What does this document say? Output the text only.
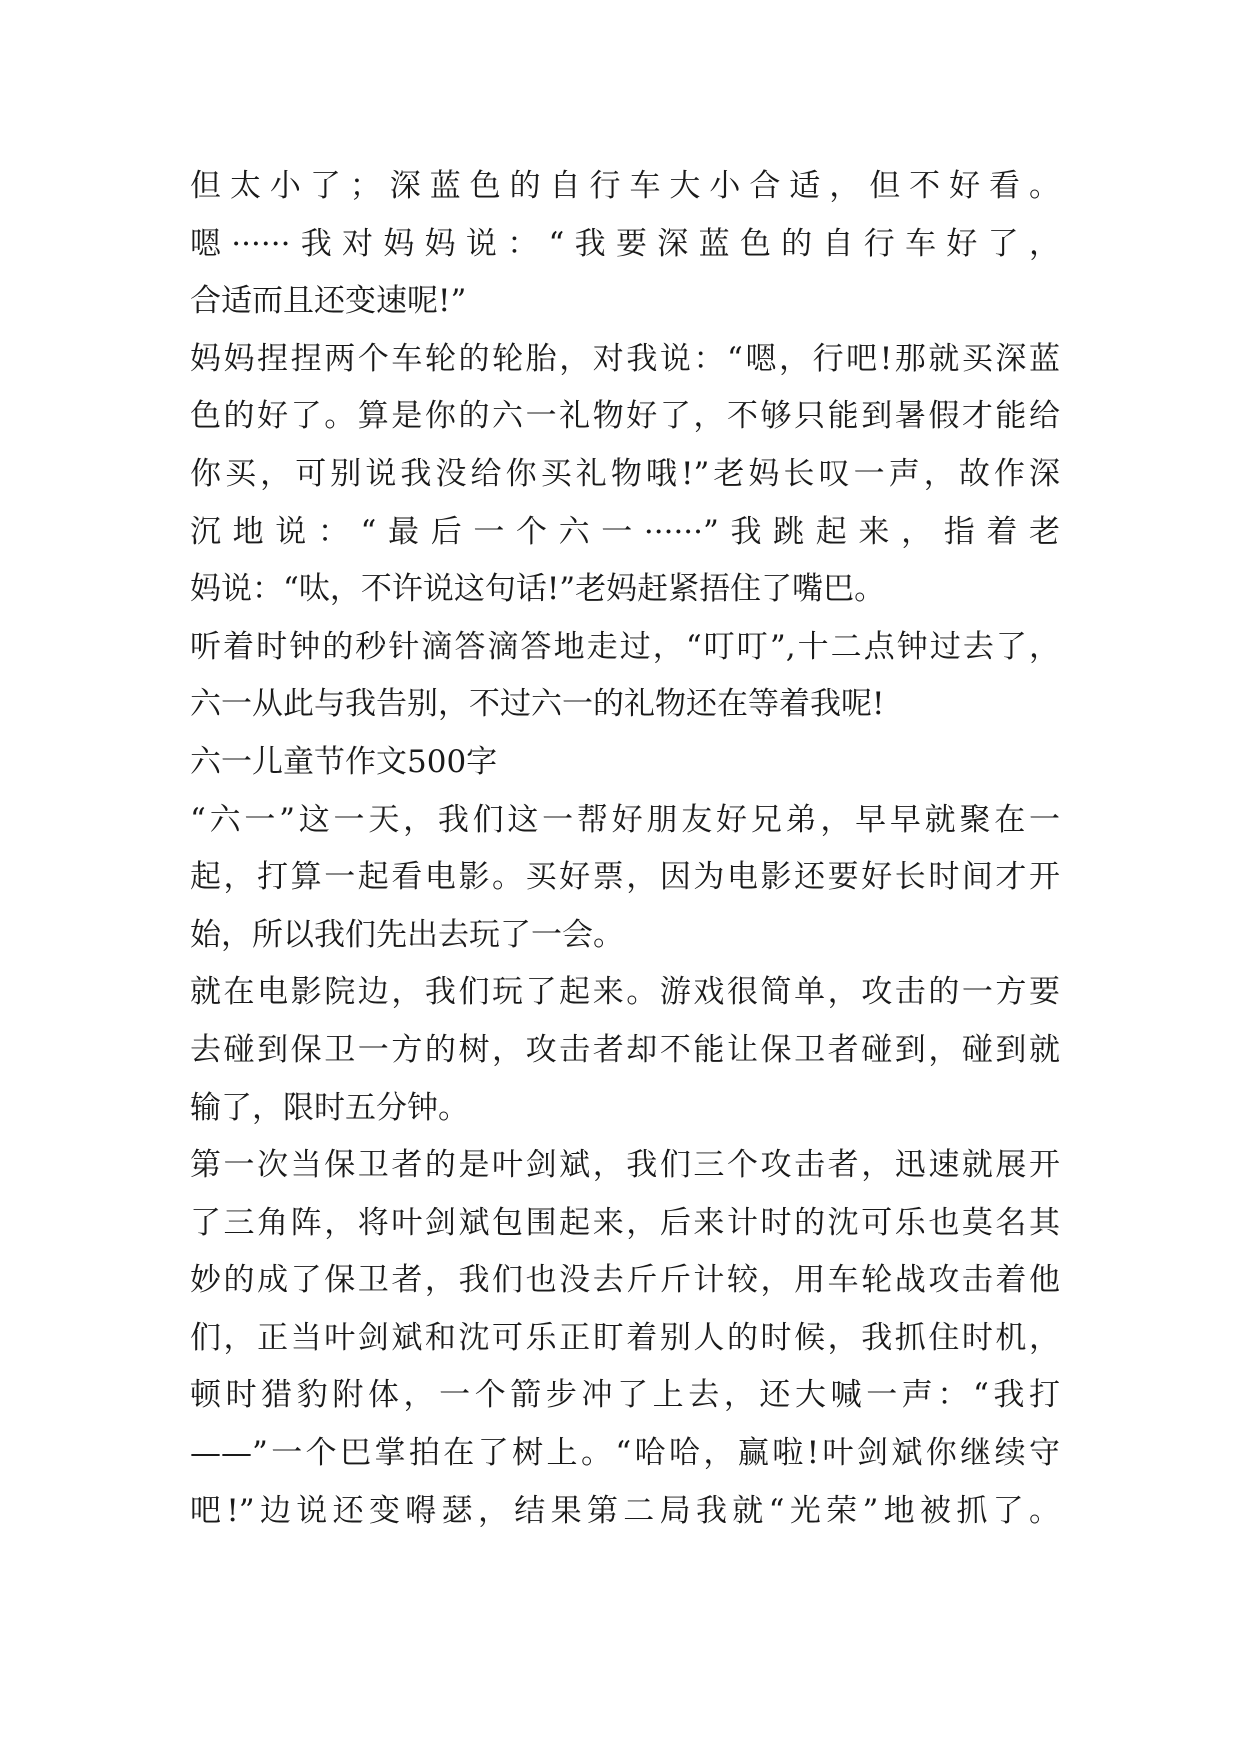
但太小了；深蓝色的自行车大小合适，但不好看。
嗯······我对妈妈说：“我要深蓝色的自行车好了，
合适而且还变速呢!”
妈妈捏捏两个车轮的轮胎，对我说：“嗯，行吧!那就买深蓝
色的好了。算是你的六一礼物好了，不够只能到暑假才能给
你买，可别说我没给你买礼物哦!”老妈长叹一声，故作深
沉地说：“最后一个六一······”我跳起来，指着老
妈说：“呔，不许说这句话!”老妈赶紧捂住了嘴巴。
听着时钟的秒针滴答滴答地走过，“叮叮”,十二点钟过去了，
六一从此与我告别，不过六一的礼物还在等着我呢!
六一儿童节作文500字
“六一”这一天，我们这一帮好朋友好兄弟，早早就聚在一
起，打算一起看电影。买好票，因为电影还要好长时间才开
始，所以我们先出去玩了一会。
就在电影院边，我们玩了起来。游戏很简单，攻击的一方要
去碰到保卫一方的树，攻击者却不能让保卫者碰到，碰到就
输了，限时五分钟。
第一次当保卫者的是叶剑斌，我们三个攻击者，迅速就展开
了三角阵，将叶剑斌包围起来，后来计时的沈可乐也莫名其
妙的成了保卫者，我们也没去斤斤计较，用车轮战攻击着他
们，正当叶剑斌和沈可乐正盯着别人的时候，我抓住时机，
顿时猎豹附体，一个箭步冲了上去，还大喊一声：“我打
——”一个巴掌拍在了树上。“哈哈，赢啦!叶剑斌你继续守
吧!”边说还变嘚瑟，结果第二局我就“光荣”地被抓了。
